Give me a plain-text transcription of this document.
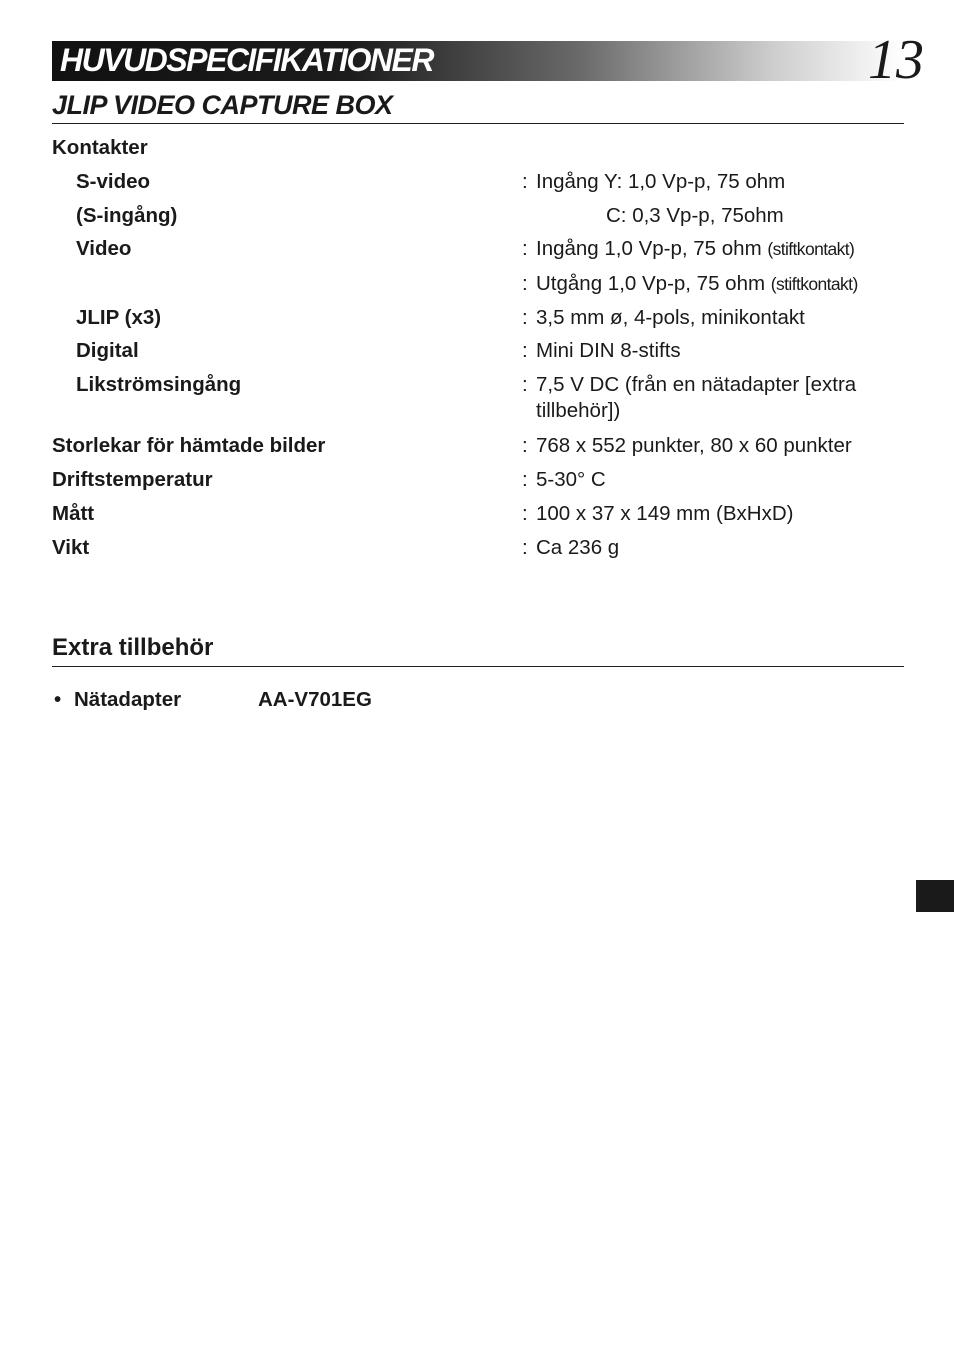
HUVUDSPECIFIKATIONER	13
JLIP VIDEO CAPTURE BOX
Kontakter
S-video	: Ingång Y: 1,0 Vp-p, 75 ohm
(S-ingång)	C: 0,3 Vp-p, 75ohm
Video	: Ingång 1,0 Vp-p, 75 ohm (stiftkontakt)
: Utgång 1,0 Vp-p, 75 ohm (stiftkontakt)
JLIP (x3)	: 3,5 mm ø, 4-pols, minikontakt
Digital	: Mini DIN 8-stifts
Likströmsingång	: 7,5 V DC (från en nätadapter [extra tillbehör])
Storlekar för hämtade bilder	: 768 x 552 punkter, 80 x 60 punkter
Driftstemperatur	: 5-30° C
Mått	: 100 x 37 x 149 mm (BxHxD)
Vikt	: Ca 236 g
Extra tillbehör
• Nätadapter	AA-V701EG
